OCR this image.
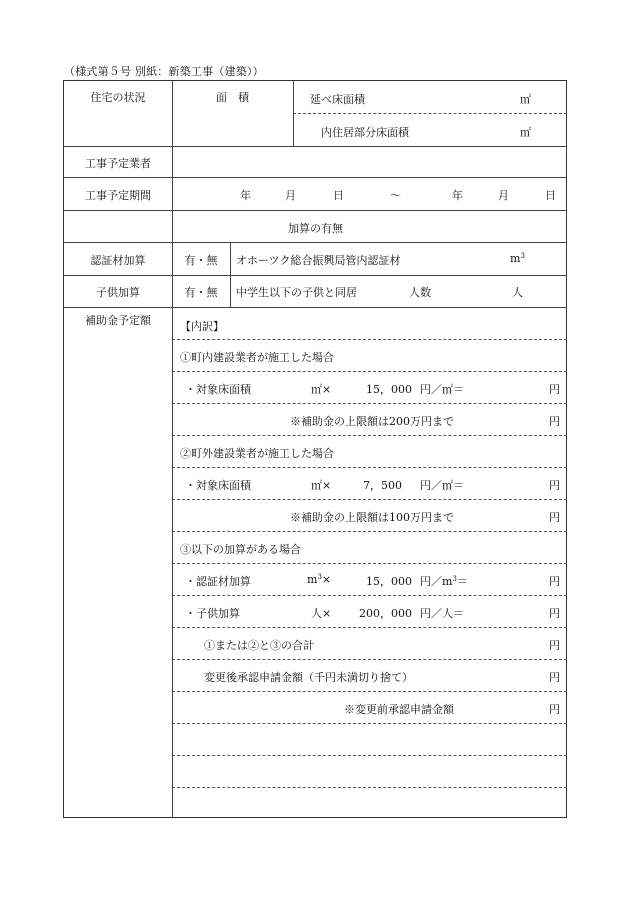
（様式第５号 別紙：新築工事（建築））
住宅の状況	面　積	延べ床面積	㎡
内住居部分床面積	㎡
工事予定業者
工事予定期間	年	月	日	～	年	月	日
加算の有無
認証材加算	有・無	オホーツク総合振興局管内認証材	$m^3$
子供加算	有・無	中学生以下の子供と同居	人数	人
補助金予定額	【内訳】
①町内建設業者が施工した場合
・対象床面積	㎡×	15，000 円／㎡＝	円
※補助金の上限額は200万円まで	円
②町外建設業者が施工した場合
・対象床面積	㎡×	7，500 円／㎡＝	円
※補助金の上限額は100万円まで	円
③以下の加算がある場合
・認証材加算	$m^3\times$	15，000 円$/m^3=$	円
・子供加算	人×	200，000 円／人＝	円
①または②と③の合計	円
変更後承認申請金額（千円未満切り捨て）	円
※変更前承認申請金額	円
